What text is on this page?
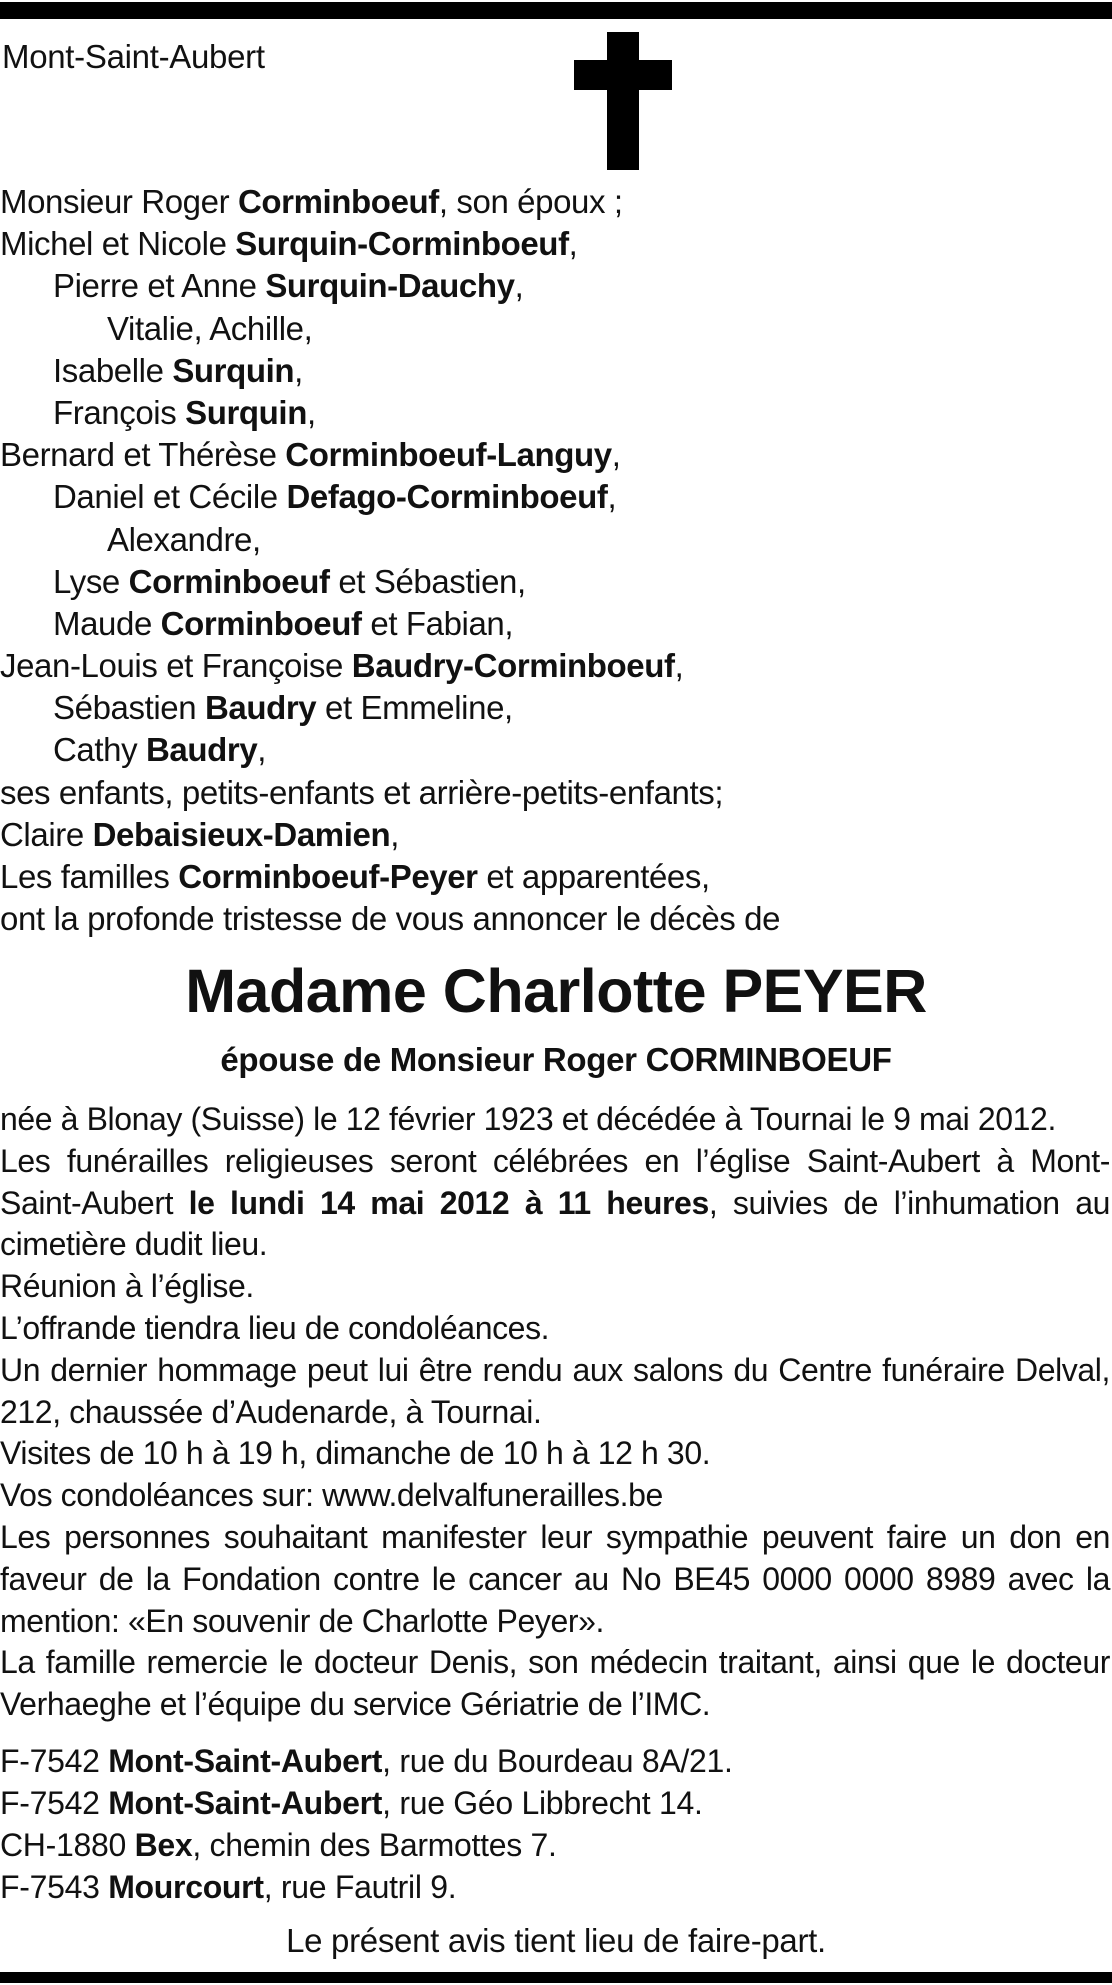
Mont-Saint-Aubert
Monsieur Roger Corminboeuf, son époux ;
Michel et Nicole Surquin-Corminboeuf,
Pierre et Anne Surquin-Dauchy,
Vitalie, Achille,
Isabelle Surquin,
François Surquin,
Bernard et Thérèse Corminboeuf-Languy,
Daniel et Cécile Defago-Corminboeuf,
Alexandre,
Lyse Corminboeuf et Sébastien,
Maude Corminboeuf et Fabian,
Jean-Louis et Françoise Baudry-Corminboeuf,
Sébastien Baudry et Emmeline,
Cathy Baudry,
ses enfants, petits-enfants et arrière-petits-enfants;
Claire Debaisieux-Damien,
Les familles Corminboeuf-Peyer et apparentées,
ont la profonde tristesse de vous annoncer le décès de
Madame Charlotte PEYER
épouse de Monsieur Roger CORMINBOEUF

née à Blonay (Suisse) le 12 février 1923 et décédée à Tournai le 9 mai 2012.

Les funérailles religieuses seront célébrées en l’église Saint-Aubert à Mont-Saint-Aubert le lundi 14 mai 2012 à 11 heures, suivies de l’inhumation au cimetière dudit lieu.

Réunion à l’église.

L’offrande tiendra lieu de condoléances.

Un dernier hommage peut lui être rendu aux salons du Centre funéraire Delval, 212, chaussée d’Audenarde, à Tournai.

Visites de 10 h à 19 h, dimanche de 10 h à 12 h 30.

Vos condoléances sur: www.delvalfunerailles.be

Les personnes souhaitant manifester leur sympathie peuvent faire un don en faveur de la Fondation contre le cancer au No BE45 0000 0000 8989 avec la mention: «En souvenir de Charlotte Peyer».

La famille remercie le docteur Denis, son médecin traitant, ainsi que le docteur Verhaeghe et l’équipe du service Gériatrie de l’IMC.

F-7542 Mont-Saint-Aubert, rue du Bourdeau 8A/21.
F-7542 Mont-Saint-Aubert, rue Géo Libbrecht 14.
CH-1880 Bex, chemin des Barmottes 7.
F-7543 Mourcourt, rue Fautril 9.
Le présent avis tient lieu de faire-part.
